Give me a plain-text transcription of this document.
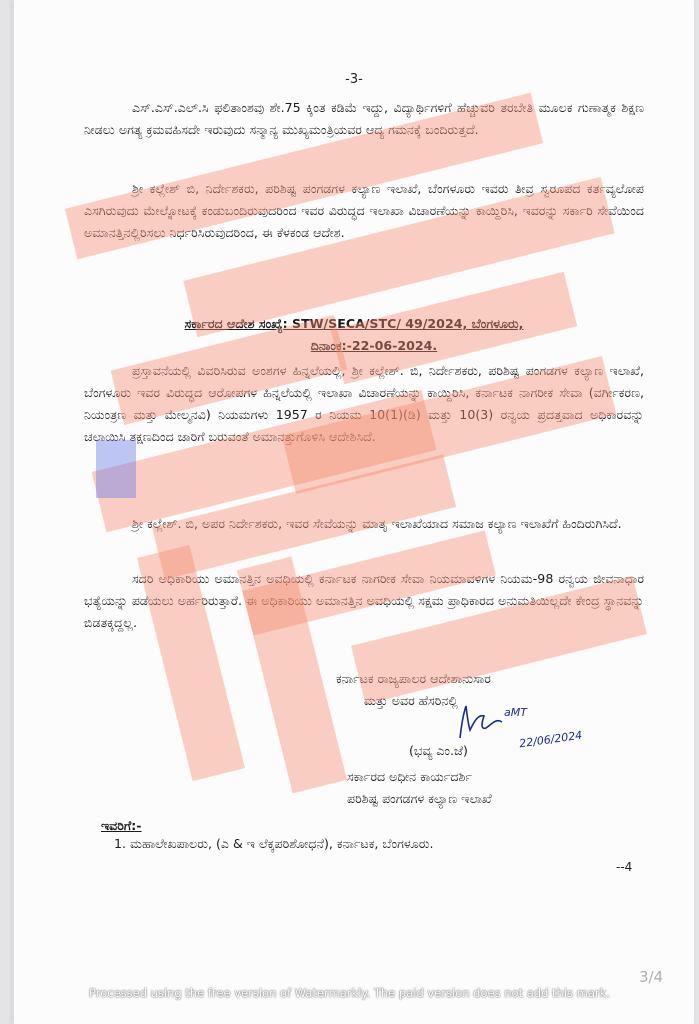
-3-

ಎಸ್.ಎಸ್.ಎಲ್.ಸಿ ಫಲಿತಾಂಶವು ಶೇ.75 ಕ್ಕಿಂತ ಕಡಿಮೆ ಇದ್ದು, ವಿದ್ಯಾರ್ಥಿಗಳಿಗೆ ಹೆಚ್ಚುವರಿ ತರಬೇತಿ ಮೂಲಕ ಗುಣಾತ್ಮಕ ಶಿಕ್ಷಣ ನೀಡಲು ಅಗತ್ಯ ಕ್ರಮವಹಿಸದೇ ಇರುವುದು ಸನ್ಮಾನ್ಯ ಮುಖ್ಯಮಂತ್ರಿಯವರ ಆದ್ಯ ಗಮನಕ್ಕೆ ಬಂದಿರುತ್ತದೆ.

ಶ್ರೀ ಕಲ್ಲೇಶ್ ಬಿ, ನಿರ್ದೇಶಕರು, ಪರಿಶಿಷ್ಟ ಪಂಗಡಗಳ ಕಲ್ಯಾಣ ಇಲಾಖೆ, ಬೆಂಗಳೂರು ಇವರು ತೀವ್ರ ಸ್ವರೂಪದ ಕರ್ತವ್ಯಲೋಪ ಎಸಗಿರುವುದು ಮೇಲ್ನೋಟಕ್ಕೆ ಕಂಡುಬಂದಿರುವುದರಿಂದ ಇವರ ವಿರುದ್ಧದ ಇಲಾಖಾ ವಿಚಾರಣೆಯನ್ನು ಕಾಯ್ದಿರಿಸಿ, ಇವರನ್ನು ಸರ್ಕಾರಿ ಸೇವೆಯಿಂದ ಅಮಾನತ್ತಿನಲ್ಲಿರಿಸಲು ನಿರ್ಧರಿಸಿರುವುದರಿಂದ, ಈ ಕೆಳಕಂಡ ಆದೇಶ.

ಸರ್ಕಾರದ ಆದೇಶ ಸಂಖ್ಯೆ: STW/SECA/STC/ 49/2024, ಬೆಂಗಳೂರು,
ದಿನಾಂಕ:-22-06-2024.

ಪ್ರಸ್ತಾವನೆಯಲ್ಲಿ ವಿವರಿಸಿರುವ ಅಂಶಗಳ ಹಿನ್ನಲೆಯಲ್ಲಿ, ಶ್ರೀ ಕಲ್ಲೇಶ್. ಬಿ, ನಿರ್ದೇಶಕರು, ಪರಿಶಿಷ್ಟ ಪಂಗಡಗಳ ಕಲ್ಯಾಣ ಇಲಾಖೆ, ಬೆಂಗಳೂರು ಇವರ ವಿರುದ್ಧದ ಆರೋಪಗಳ ಹಿನ್ನಲೆಯಲ್ಲಿ ಇಲಾಖಾ ವಿಚಾರಣೆಯನ್ನು ಕಾಯ್ದಿರಿಸಿ, ಕರ್ನಾಟಕ ನಾಗರೀಕ ಸೇವಾ (ವರ್ಗೀಕರಣ, ನಿಯಂತ್ರಣ ಮತ್ತು ಮೇಲ್ಮನವಿ) ನಿಯಮಗಳು 1957 ರ ನಿಯಮ 10(1)(ಡಿ) ಮತ್ತು 10(3) ರನ್ವಯ ಪ್ರದತ್ತವಾದ ಅಧಿಕಾರವನ್ನು ಚಲಾಯಿಸಿ ತಕ್ಷಣದಿಂದ ಜಾರಿಗೆ ಬರುವಂತೆ ಅಮಾನತ್ತುಗೊಳಿಸಿ ಆದೇಶಿಸಿದೆ.

ಶ್ರೀ ಕಲ್ಲೇಶ್. ಬಿ, ಅಪರ ನಿರ್ದೇಶಕರು, ಇವರ ಸೇವೆಯನ್ನು ಮಾತೃ ಇಲಾಖೆಯಾದ ಸಮಾಜ ಕಲ್ಯಾಣ ಇಲಾಖೆಗೆ ಹಿಂದಿರುಗಿಸಿದೆ.

ಸದರಿ ಅಧಿಕಾರಿಯು ಅಮಾನತ್ತಿನ ಅವಧಿಯಲ್ಲಿ ಕರ್ನಾಟಕ ನಾಗರೀಕ ಸೇವಾ ನಿಯಮಾವಳಿಗಳ ನಿಯಮ-98 ರನ್ವಯ ಜೀವನಾಧಾರ ಭತ್ಯೆಯನ್ನು ಪಡೆಯಲು ಅರ್ಹರಿರುತ್ತಾರೆ. ಈ ಅಧಿಕಾರಿಯು ಅಮಾನತ್ತಿನ ಅವಧಿಯಲ್ಲಿ ಸಕ್ಷಮ ಪ್ರಾಧಿಕಾರದ ಅನುಮತಿಯಿಲ್ಲದೇ ಕೇಂದ್ರ ಸ್ಥಾನವನ್ನು ಬಿಡತಕ್ಕದ್ದಲ್ಲ.

ಕರ್ನಾಟಕ ರಾಜ್ಯಪಾಲರ ಆದೇಶಾನುಸಾರ
ಮತ್ತು ಅವರ ಹೆಸರಿನಲ್ಲಿ
aMT
22/06/2024
(ಭವ್ಯ ಎಂ.ಜೆ)
ಸರ್ಕಾರದ ಅಧೀನ ಕಾರ್ಯದರ್ಶಿ
ಪರಿಶಿಷ್ಟ ಪಂಗಡಗಳ ಕಲ್ಯಾಣ ಇಲಾಖೆ
ಇವರಿಗೆ:-
1. ಮಹಾಲೇಖಪಾಲರು, (ಎ & ಇ ಲೆಕ್ಕಪರಿಶೋಧನೆ), ಕರ್ನಾಟಕ, ಬೆಂಗಳೂರು.
--4
3/4
Processed using the free version of Watermarkly. The paid version does not add this mark.
